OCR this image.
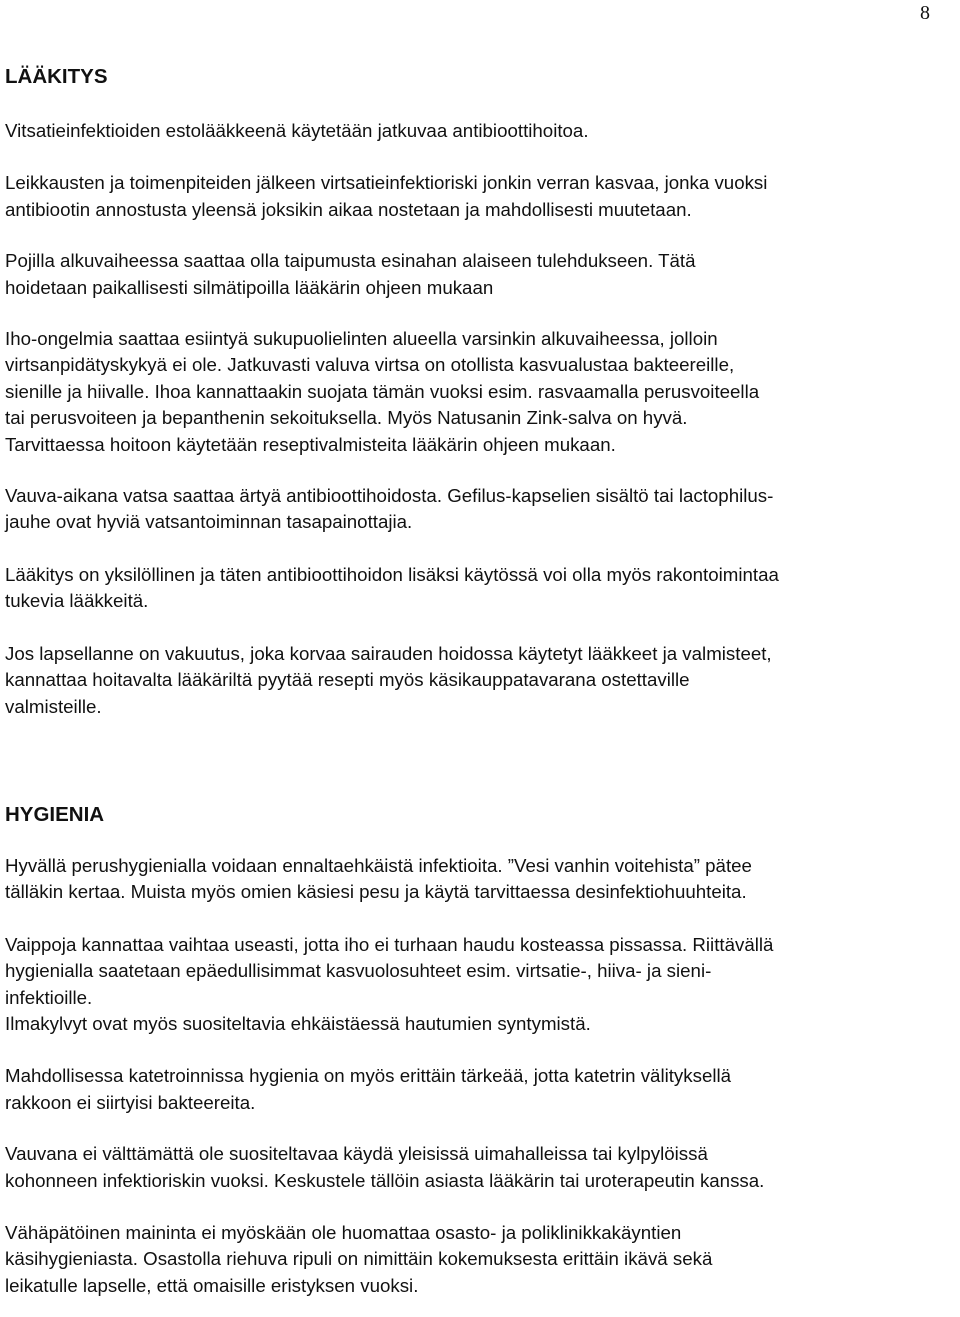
8
LÄÄKITYS

Vitsatieinfektioiden estolääkkeenä käytetään jatkuvaa antibioottihoitoa.

Leikkausten ja toimenpiteiden jälkeen virtsatieinfektioriski jonkin verran kasvaa, jonka vuoksi
antibiootin annostusta yleensä joksikin aikaa nostetaan ja mahdollisesti muutetaan.

Pojilla alkuvaiheessa saattaa olla taipumusta esinahan alaiseen tulehdukseen. Tätä
hoidetaan paikallisesti silmätipoilla lääkärin ohjeen mukaan

Iho-ongelmia saattaa esiintyä sukupuolielinten alueella varsinkin alkuvaiheessa, jolloin
virtsanpidätyskykyä ei ole. Jatkuvasti valuva virtsa on otollista kasvualustaa bakteereille,
sienille ja hiivalle. Ihoa kannattaakin suojata tämän vuoksi esim. rasvaamalla perusvoiteella
tai perusvoiteen ja bepanthenin sekoituksella. Myös Natusanin Zink-salva on hyvä.
Tarvittaessa hoitoon käytetään reseptivalmisteita lääkärin ohjeen mukaan.

Vauva-aikana vatsa saattaa ärtyä antibioottihoidosta. Gefilus-kapselien sisältö tai lactophilus-
jauhe ovat hyviä vatsantoiminnan tasapainottajia.

Lääkitys on yksilöllinen ja täten antibioottihoidon lisäksi käytössä voi olla myös rakontoimintaa
tukevia lääkkeitä.

Jos lapsellanne on vakuutus, joka korvaa sairauden hoidossa käytetyt lääkkeet ja valmisteet,
kannattaa hoitavalta lääkäriltä pyytää resepti myös käsikauppatavarana ostettaville
valmisteille.

HYGIENIA

Hyvällä perushygienialla voidaan ennaltaehkäistä infektioita. ”Vesi vanhin voitehista” pätee
tälläkin kertaa. Muista myös omien käsiesi pesu ja käytä tarvittaessa desinfektiohuuhteita.

Vaippoja kannattaa vaihtaa useasti, jotta iho ei turhaan haudu kosteassa pissassa. Riittävällä
hygienialla saatetaan epäedullisimmat kasvuolosuhteet esim. virtsatie-, hiiva- ja sieni-
infektioille.
Ilmakylvyt ovat myös suositeltavia ehkäistäessä hautumien syntymistä.

Mahdollisessa katetroinnissa hygienia on myös erittäin tärkeää, jotta katetrin välityksellä
rakkoon ei siirtyisi bakteereita.

Vauvana ei välttämättä ole suositeltavaa käydä yleisissä uimahalleissa tai kylpylöissä
kohonneen infektioriskin vuoksi. Keskustele tällöin asiasta lääkärin tai uroterapeutin kanssa.

Vähäpätöinen maininta ei myöskään ole huomattaa osasto- ja poliklinikkakäyntien
käsihygieniasta. Osastolla riehuva ripuli on nimittäin kokemuksesta erittäin ikävä sekä
leikatulle lapselle, että omaisille eristyksen vuoksi.
